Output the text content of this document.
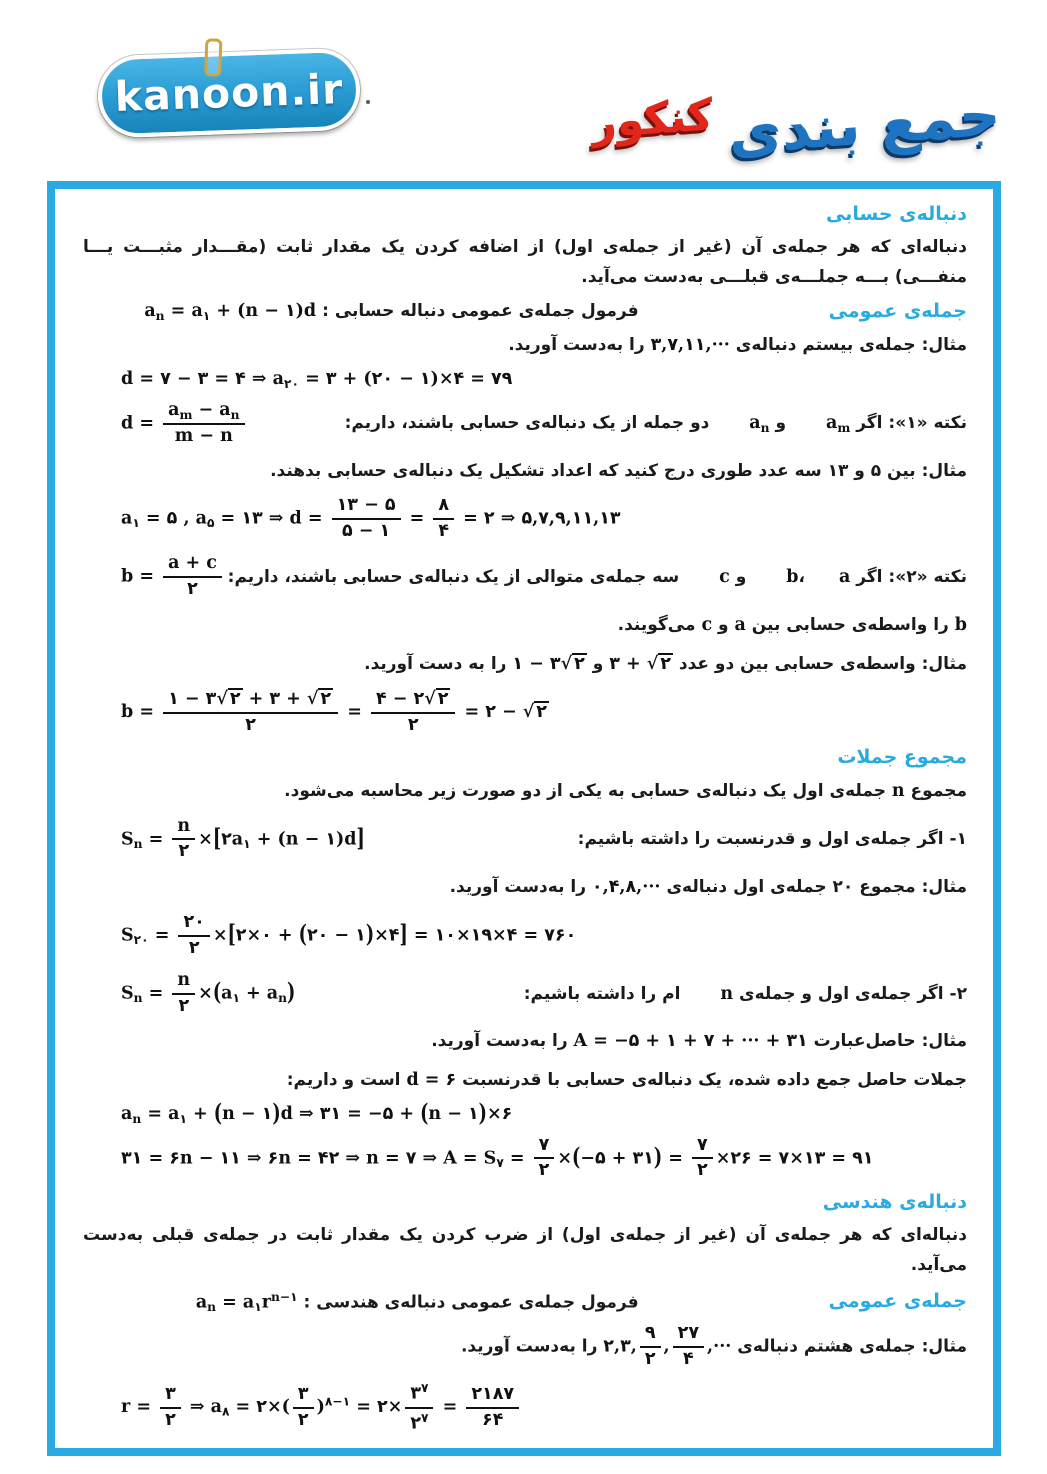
kanoon.ir	جمع بندی
کنکور
دنباله‌ی حسابی
دنباله‌ای که هر جمله‌ی آن (غیر از جمله‌ی اول) از اضافه کردن یک مقدار ثابت (مقـــدار مثبـــت یـــا منفـــی) بـــه جملـــه‌ی قبلـــی به‌دست می‌آید.
جمله‌ی عمومی
فرمول جمله‌ی عمومی دنباله حسابی : $a_n = a_۱ + (n$ − ۱)d
مثال: جمله‌ی بیستم دنباله‌ی ۳,۷,۱۱,··· را به‌دست آورید.
d = ۷ − ۳ = ۴ ⇒ $a_{۲۰}$ = ۳ + (۲۰ − ۱)×۴ = ۷۹
نکته «۱»: اگر $a_m$ و $a_n$ دو جمله از یک دنباله‌ی حسابی باشند، داریم:
$d = \frac{a_m - a_n}{m - n}$
مثال: بین ۵ و ۱۳ سه عدد طوری درج کنید که اعداد تشکیل یک دنباله‌ی حسابی بدهند.
$a_۱$ = ۵ , $a_۵$ = ۱۳ ⇒ $d = \frac{۱۳ - ۵}{۵ - ۱} = \frac{۸}{۴}$ = ۲ ⇒ ۵,۷,۹,۱۱,۱۳
نکته «۲»: اگر a،b و c سه جمله‌ی متوالی از یک دنباله‌ی حسابی باشند، داریم:
$b = \frac{a + c}{۲}$
b را واسطه‌ی حسابی بین a و c می‌گویند.
مثال: واسطه‌ی حسابی بین دو عدد ۳ + √ ۲ و ۱ − ۳√ ۲ را به دست آورید.
$b = \frac{۱ - ۳√ ۲ + ۳ + √ ۲}{۲} = \frac{۴ - ۲√ ۲}{۲}$ = ۲ − √ ۲
مجموع جملات
مجموع n جمله‌ی اول یک دنباله‌ی حسابی به یکی از دو صورت زیر محاسبه می‌شود.
۱- اگر جمله‌ی اول و قدرنسبت را داشته باشیم:
$S_n = \frac{n}{۲}$ $\times[۲a_۱ + (n$ − ۱)d]
مثال: مجموع ۲۰ جمله‌ی اول دنباله‌ی ۰,۴,۸,··· را به‌دست آورید.
$S_{۲۰} = \frac{۲۰}{۲}$ ×[۲×۰ + (۲۰ − ۱)×۴] = ۱۰×۱۹×۴ = ۷۶۰
۲- اگر جمله‌ی اول و جمله‌ی n ام را داشته باشیم:
$S_n = \frac{n}{۲} \times(a_۱ + a_n)$
مثال: حاصل‌عبارت A = −۵ + ۱ + ۷ + ··· + ۳۱ را به‌دست آورید.
جملات حاصل جمع داده شده، یک دنباله‌ی حسابی با قدرنسبت d = ۶ است و داریم:
$a_n = a_۱ + (n$ − ۱)d ⇒ ۳۱ = −۵ + (n − ۱)×۶
۳۱ = ۶n − ۱۱ ⇒ ۶n = ۴۲ ⇒ n = ۷ ⇒ $A = S_۷ = \frac{۷}{۲}$ ×(−۵ + ۳۱) = $\frac{۷}{۲}$ ×۲۶ = ۷×۱۳ = ۹۱
دنباله‌ی هندسی
دنباله‌ای که هر جمله‌ی آن (غیر از جمله‌ی اول) از ضرب کردن یک مقدار ثابت در جمله‌ی قبلی به‌دست می‌آید.
جمله‌ی عمومی
فرمول جمله‌ی عمومی دنباله‌ی هندسی : $a_n = a_۱r^{n-۱}$
مثال: جمله‌ی هشتم دنباله‌ی ۲,۳, $\frac{۹}{۲}$ , $\frac{۲۷}{۴}$ ,··· را به‌دست آورید.
$r = \frac{۳}{۲}$ ⇒ $a_۸$ = ۲×( $\frac{۳}{۲} )^{۸-۱}$ = ۲× $\frac{۳^۷}{۲^۷} = \frac{۲۱۸۷}{۶۴}$
